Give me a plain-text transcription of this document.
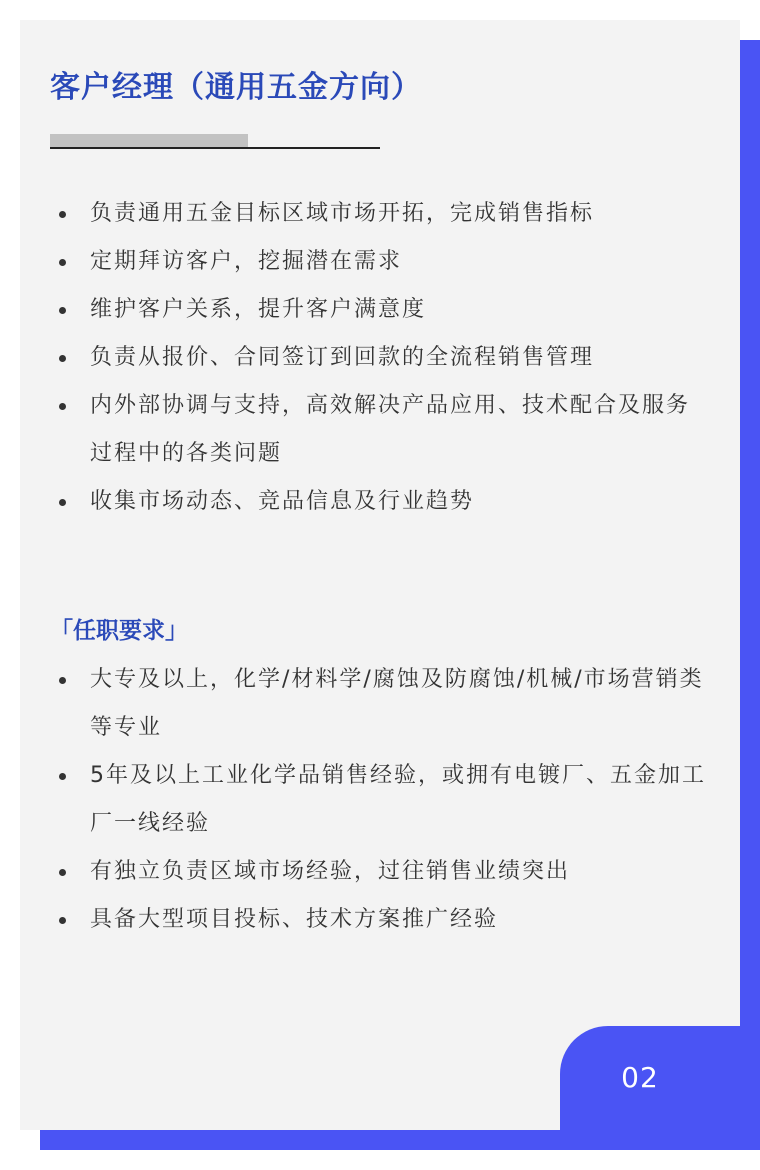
客户经理（通用五金方向）
负责通用五金目标区域市场开拓，完成销售指标
定期拜访客户，挖掘潜在需求
维护客户关系，提升客户满意度
负责从报价、合同签订到回款的全流程销售管理
内外部协调与支持，高效解决产品应用、技术配合及服务过程中的各类问题
收集市场动态、竞品信息及行业趋势
「任职要求」
大专及以上，化学/材料学/腐蚀及防腐蚀/机械/市场营销类等专业
5年及以上工业化学品销售经验，或拥有电镀厂、五金加工厂一线经验
有独立负责区域市场经验，过往销售业绩突出
具备大型项目投标、技术方案推广经验
02
